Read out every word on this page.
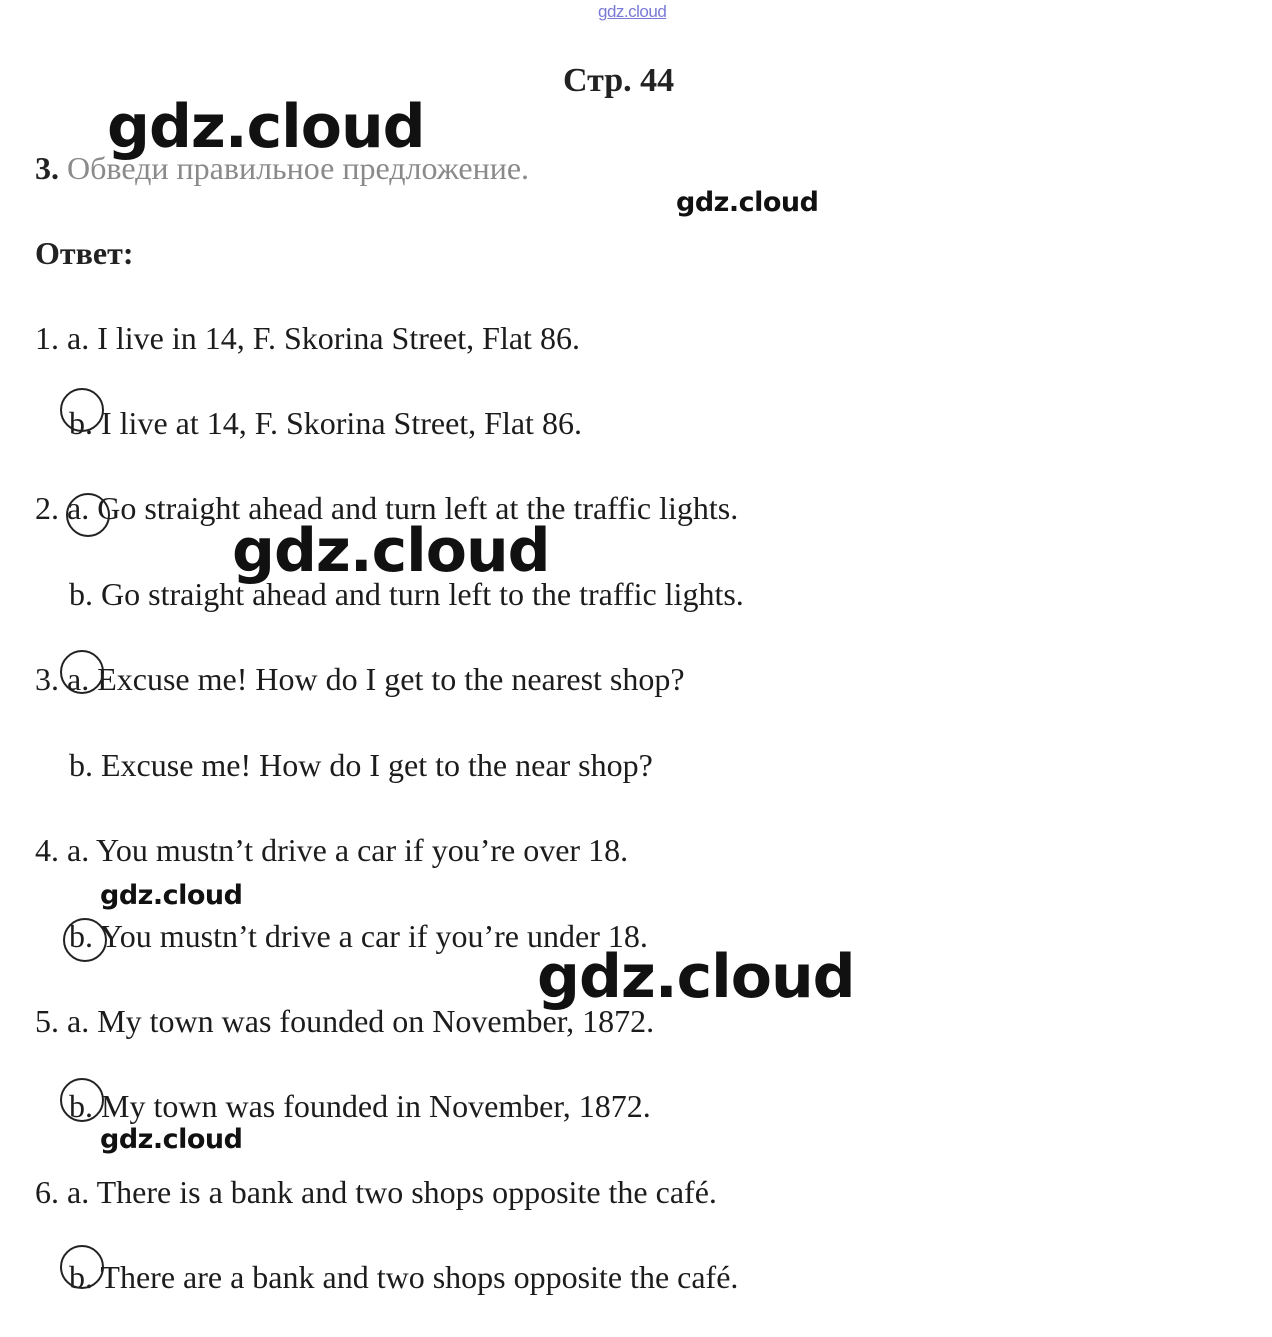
gdz.cloud
Стр. 44
3. Обведи правильное предложение.
Ответ:
1. a. I live in 14, F. Skorina Street, Flat 86.
b. I live at 14, F. Skorina Street, Flat 86.
2. a. Go straight ahead and turn left at the traffic lights.
b. Go straight ahead and turn left to the traffic lights.
3. a. Excuse me! How do I get to the nearest shop?
b. Excuse me! How do I get to the near shop?
4. a. You mustn’t drive a car if you’re over 18.
b. You mustn’t drive a car if you’re under 18.
5. a. My town was founded on November, 1872.
b. My town was founded in November, 1872.
6. a. There is a bank and two shops opposite the café.
b. There are a bank and two shops opposite the café.
gdz.cloud
gdz.cloud
gdz.cloud
gdz.cloud
gdz.cloud
gdz.cloud
